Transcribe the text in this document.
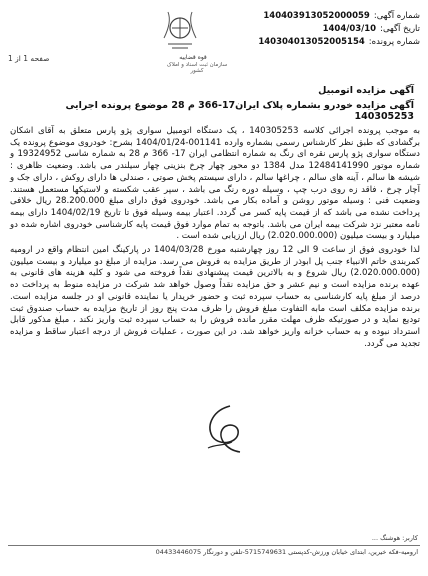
قوه قضاییه
سازمان ثبت اسناد و املاک کشور
شماره آگهی:
140403913052000059
تاریخ آگهی:
1404/03/10
شماره پرونده:
140304013052005154
صفحه 1 از 1
آگهی مزایده اتومبیل
آگهی مزایده خودرو بشماره پلاک ایران17-366 م 28 موضوع پرونده اجرایی 140305253

به موجب پرونده اجرائی کلاسه 140305253 ، یک دستگاه اتومبیل سواری پژو پارس متعلق به آقای اشکان برگشادی که طبق نظر کارشناس رسمی بشماره وارده 001141-1404/01/24 بشرح: خودروی موضوع پرونده یک دستگاه سواری پژو پارس نقره ای رنگ به شماره انتظامی ایران 17- 366 م 28 به شماره شاسی 19324952 و شماره موتور 12484141990 مدل 1384 دو محور چهار چرخ بنزینی چهار سیلندر می باشد. وضعیت ظاهری : شیشه ها سالم ، آینه های سالم ، چراغها سالم ، دارای سیستم پخش صوتی ، صندلی ها دارای روکش ، دارای جک و آچار چرخ ، فاقد زه روی درب چپ ، وسیله دوره رنگ می باشد ، سپر عقب شکسته و لاستیکها مستعمل هستند. وضعیت فنی : وسیله موتور روشن و آماده بکار می باشد. خودروی فوق دارای مبلغ 28.200.000 ریال خلافی پرداخت نشده می باشد که از قیمت پایه کسر می گردد. اعتبار بیمه وسیله فوق تا تاریخ 1404/02/19 دارای بیمه نامه معتبر نزد شرکت بیمه ایران می باشد. باتوجه به تمام موارد فوق قیمت پایه کارشناسی خودروی اشاره شده دو میلیارد و بیست میلیون (2.020.000.000) ریال ارزیابی شده است .

لذا خودروی فوق از ساعت 9 الی 12 روز چهارشنبه مورخ 1404/03/28 در پارکینگ امین انتظام واقع در ارومیه کمربندی خاتم الانبیاء جنب پل ابوذر از طریق مزایده به فروش می رسد. مزایده از مبلغ دو میلیارد و بیست میلیون (2.020.000.000) ریال شروع و به بالاترین قیمت پیشنهادی نقداً فروخته می شود و کلیه هزینه های قانونی به عهده برنده مزایده است و نیم عشر و حق مزایده نقداً وصول خواهد شد شرکت در مزایده منوط به پرداخت ده درصد از مبلغ پایه کارشناسی به حساب سپرده ثبت و حضور خریدار یا نماینده قانونی او در جلسه مزایده است. برنده مزایده مکلف است مابه التفاوت مبلغ فروش را ظرف مدت پنج روز از تاریخ مزایده به حساب صندوق ثبت تودیع نماید و در صورتیکه ظرف مهلت مقرر مانده فروش را به حساب سپرده ثبت واریز نکند ، مبلغ مذکور قابل استرداد نبوده و به حساب خزانه واریز خواهد شد. در این صورت ، عملیات فروش از درجه اعتبار ساقط و مزایده تجدید می گردد.

کاربر: هوشنگ ...
ارومیه-فکه خیرین، ابتدای خیابان ورزش-کدپستی 5715749631-تلفن و دورنگار 04433446075
